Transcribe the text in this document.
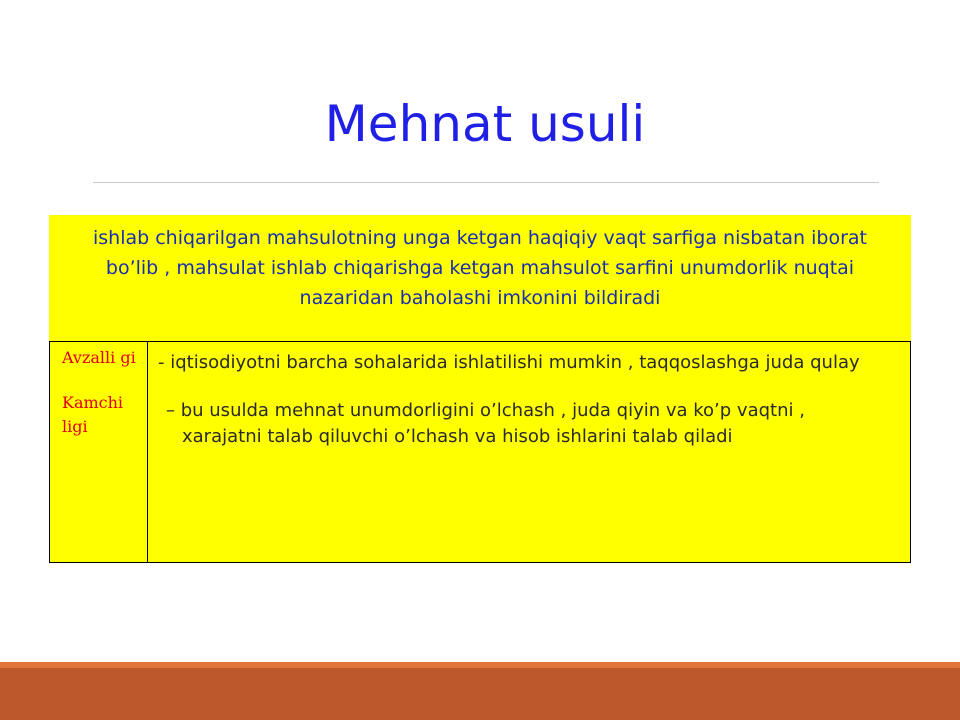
Mehnat usuli
ishlab chiqarilgan mahsulotning unga ketgan haqiqiy vaqt sarfiga nisbatan iborat bo’lib , mahsulat ishlab chiqarishga ketgan mahsulot sarfini unumdorlik nuqtai nazaridan baholashi imkonini bildiradi
Avzalli gi
Kamchi ligi
- iqtisodiyotni barcha sohalarida ishlatilishi mumkin , taqqoslashga juda qulay
– bu usulda mehnat unumdorligini o’lchash , juda qiyin va ko’p vaqtni , xarajatni talab qiluvchi o’lchash va hisob ishlarini talab qiladi
